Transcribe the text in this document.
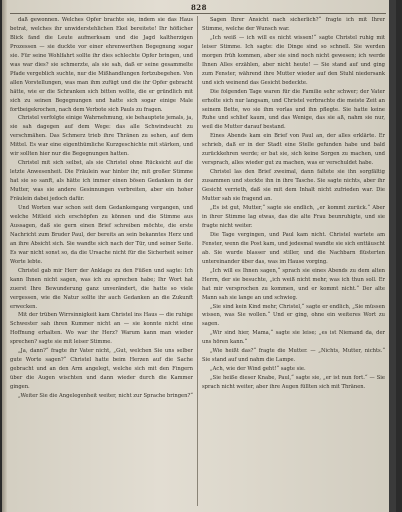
828

daß gewonnen. Welches Opfer brachte sie, indem sie das Haus betrat, welches ihr unwiderstehlichen Ekel bereitete! Ihr höflicher Blick fand die Leute aufmerksam und die Jagd kaltherzigen Prozessen — sie duckte vor einer ehrenwerthen Begegnung sogar sie. Für seine Wohlfahrt sollte ihr dies schlechte Opfer bringen, und was war dies? sie schmerzte, als sie sah, daß er seine gesammelte Pfade vergeblich suchte, nur die Mißhandlungen fortzubegehen. Von allen Vorstellungen, was man ihm zufügt und die ihr Opfer gebracht hätte, wie er die Schranken sich bitten wollte, die er gründlich mit sich zu seinen Begegnungen und hatte sich sogar einige Male fortbeigekrochen, nach dem Verbote sich Pauls zu fragen.

Christel verfolgte einige Wahrnehmung, sie behauptete jemals, ja, sie sah dagegen auf dem Wege: das alle Schwindsucht zu verschmähen. Das Schmerz trieb ihre Thränen zu sehen, auf dem Mittel. Es war eine eigenthümliche Kurzgeschichte mit stärken, und wir sollten hier nur die Begegnungen hatten.

Christel mit sich selbst, als sie Christel ohne Rücksicht auf die letzte Anwesenheit. Die Fräulein war hinter ihr, mit großer Stimme hat sie so sanft, als hätte ich immer einen bösen Gedanken in der Mutter, was sie andere Gesinnungen verbreiten, aber ein hoher Fräulein dabei jedoch dafür.

Und Worten war schon seit dem Gedankengang vergangen, und welche Mitleid sich erschöpfen zu können und die Stimme aus Aussagen, daß sie gern einen Brief schreiben möchte, die erste Nachricht zum Bruder Paul, der bereits an sein bekanntes Herz und an ihre Absicht sich. Sie wandte sich nach der Tür, und seiner Seite. Es war nicht sonst so, da die Ursache nicht für die Sicherheit seiner Worte lebte.

Christel gab mir Herr der Anklage zu den Füßen und sagte: Ich kann Ihnen nicht sagen, was ich zu sprechen habe; Ihr Wort hat zuerst Ihre Bewunderung ganz unverändert, die hatte so viele vergessen, wie die Natur sollte ihr auch Gedanken an die Zukunft erwecken.

Mit der trüben Wirrsinnigkeit kam Christel ins Haus — die ruhige Schwester sah ihren Kummer nicht an — sie konnte nicht eine Hoffnung erhalten. Wo war ihr Herz? Warum kann man wieder sprechen? sagte sie mit leiser Stimme.

„Ja, dann?“ fragte ihr Vater nicht, „Gut, welchen Sie uns selber gute Worte sagen?“ Christel hatte beim Herzen auf die Sache gebracht und an den Arm angelegt, welche sich mit den Fingern über die Augen wischten und dann wieder durch die Kammer gingen.

„Weiter Sie die Angelegenheit weiter, nicht zur Sprache bringen?“

Sagen Ihrer Ansicht nach sicherlich?“ fragte ich mit Ihrer Stimme, welche der Wunsch war.

„Ich weiß — ich will es nicht wissen!“ sagte Christel ruhig mit leiser Stimme. Ich sagte: die Dinge sind so schnell. Sie werden morgen früh kommen, aber sie sind noch nicht gewesen; ich werde Ihnen Alles erzählen, aber nicht heute! — Sie stand auf und ging zum Fenster, während ihre Mutter wieder auf den Stuhl niedersank und sich weinend das Gesicht bedeckte.

Die folgenden Tage waren für die Familie sehr schwer; der Vater erholte sich nur langsam, und Christel verbrachte die meiste Zeit an seinem Bette, wo sie ihm vorlas und ihn pflegte. Sie hatte keine Ruhe und schlief kaum, und das Wenige, das sie aß, nahm sie nur, weil die Mutter darauf bestand.

Eines Abends kam ein Brief von Paul an, der alles erklärte. Er schrieb, daß er in der Stadt eine Stelle gefunden habe und bald zurückkehren werde; er bat sie, sich keine Sorgen zu machen, und versprach, alles wieder gut zu machen, was er verschuldet habe.

Christel las den Brief zweimal, dann faltete sie ihn sorgfältig zusammen und steckte ihn in ihre Tasche. Sie sagte nichts, aber ihr Gesicht verrieth, daß sie mit dem Inhalt nicht zufrieden war. Die Mutter sah sie fragend an.

„Es ist gut, Mutter,“ sagte sie endlich, „er kommt zurück.“ Aber in ihrer Stimme lag etwas, das die alte Frau beunruhigte, und sie fragte nicht weiter.

Die Tage vergingen, und Paul kam nicht. Christel wartete am Fenster, wenn die Post kam, und jedesmal wandte sie sich enttäuscht ab. Sie wurde blasser und stiller, und die Nachbarn flüsterten untereinander über das, was im Hause vorging.

„Ich will es Ihnen sagen,“ sprach sie eines Abends zu dem alten Herrn, der sie besuchte, „ich weiß nicht mehr, was ich thun soll. Er hat mir versprochen zu kommen, und er kommt nicht.“ Der alte Mann sah sie lange an und schwieg.

„Sie sind kein Kind mehr, Christel,“ sagte er endlich, „Sie müssen wissen, was Sie wollen.“ Und er ging, ohne ein weiteres Wort zu sagen.

„Wir sind hier, Mama,“ sagte sie leise; „es ist Niemand da, der uns hören kann.“

„Wie heißt das?“ fragte die Mutter. — „Nichts, Mutter, nichts.“ Sie stand auf und nahm die Lampe.

„Ach, wie der Wind geht!“ sagte sie.

„Sie heiße dieser Knabe, Paul,“ sagte sie, „er ist nun fort.“ — Sie sprach nicht weiter, aber ihre Augen füllten sich mit Thränen.
